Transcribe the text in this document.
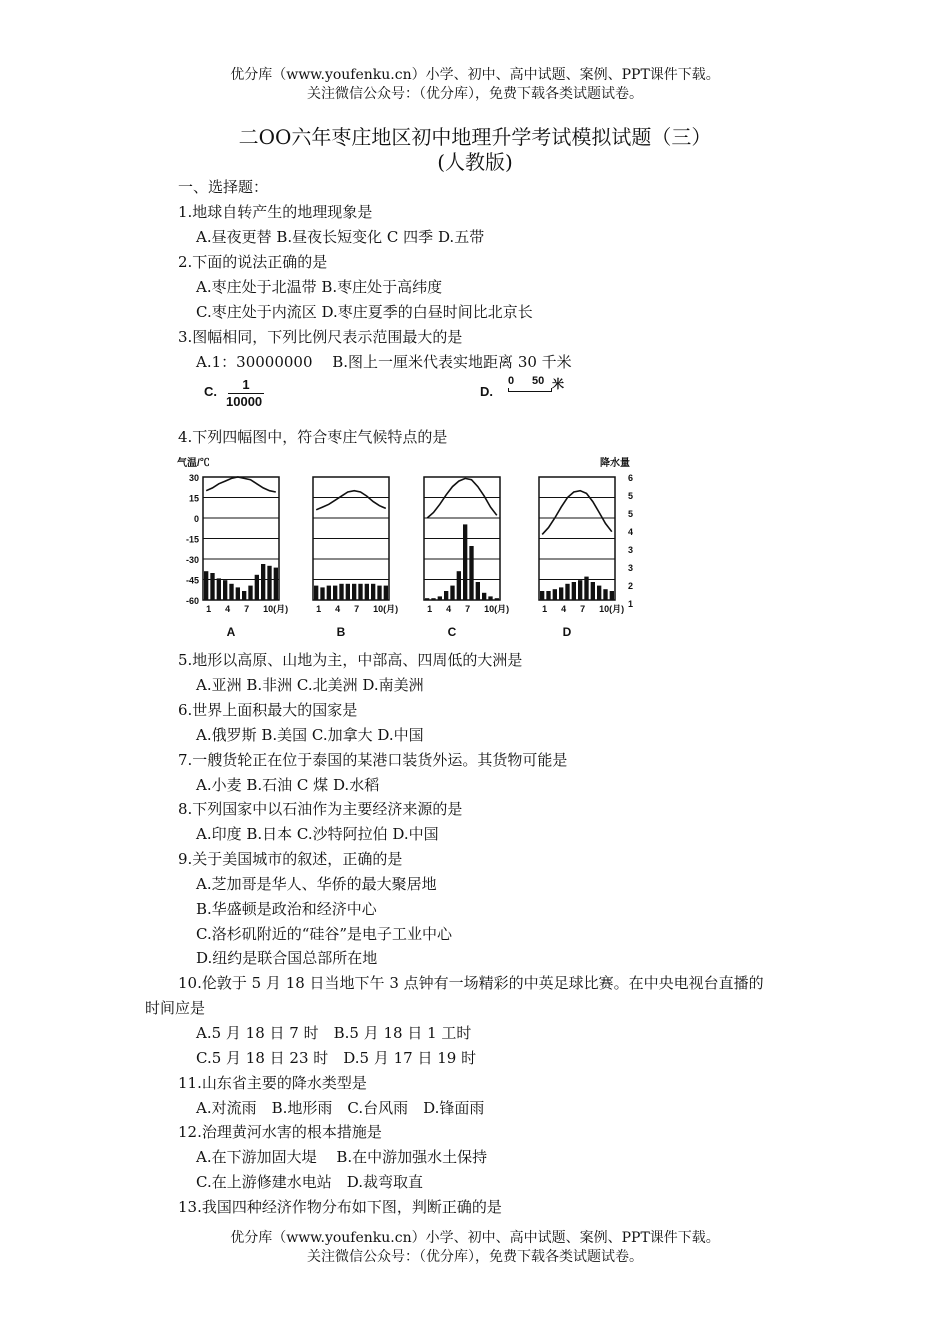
优分库（www.youfenku.cn）小学、初中、高中试题、案例、PPT课件下载。
关注微信公众号：（优分库），免费下载各类试题试卷。
二OO六年枣庄地区初中地理升学考试模拟试题（三）
(人教版)
一、选择题：
1.地球自转产生的地理现象是
A.昼夜更替 B.昼夜长短变化 C 四季 D.五带
2.下面的说法正确的是
A.枣庄处于北温带 B.枣庄处于高纬度
C.枣庄处于内流区 D.枣庄夏季的白昼时间比北京长
3.图幅相同，下列比例尺表示范围最大的是
A.1：30000000　 B.图上一厘米代表实地距离 30 千米
C.	1
10000
D.
0 50 米
4.下列四幅图中，符合枣庄气候特点的是
气温/℃	降水量
30
15
0
-15
-30
-45
-60
6
5
5
4
3
3
2
1
1 4 7 10(月)
A
1 4 7 10(月)
B
1 4 7 10(月)
C
1 4 7 10(月)
D
5.地形以高原、山地为主，中部高、四周低的大洲是
A.亚洲 B.非洲 C.北美洲 D.南美洲
6.世界上面积最大的国家是
A.俄罗斯 B.美国 C.加拿大 D.中国
7.一艘货轮正在位于泰国的某港口装货外运。其货物可能是
A.小麦 B.石油 C 煤 D.水稻
8.下列国家中以石油作为主要经济来源的是
A.印度 B.日本 C.沙特阿拉伯 D.中国
9.关于美国城市的叙述，正确的是
A.芝加哥是华人、华侨的最大聚居地
B.华盛顿是政治和经济中心
C.洛杉矶附近的“硅谷”是电子工业中心
D.纽约是联合国总部所在地
10.伦敦于 5 月 18 日当地下午 3 点钟有一场精彩的中英足球比赛。在中央电视台直播的
时间应是
A.5 月 18 日 7 时　B.5 月 18 日 1 工时
C.5 月 18 日 23 时　D.5 月 17 日 19 时
11.山东省主要的降水类型是
A.对流雨　B.地形雨　C.台风雨　D.锋面雨
12.治理黄河水害的根本措施是
A.在下游加固大堤　 B.在中游加强水土保持
C.在上游修建水电站　D.裁弯取直
13.我国四种经济作物分布如下图，判断正确的是
优分库（www.youfenku.cn）小学、初中、高中试题、案例、PPT课件下载。
关注微信公众号：（优分库），免费下载各类试题试卷。
